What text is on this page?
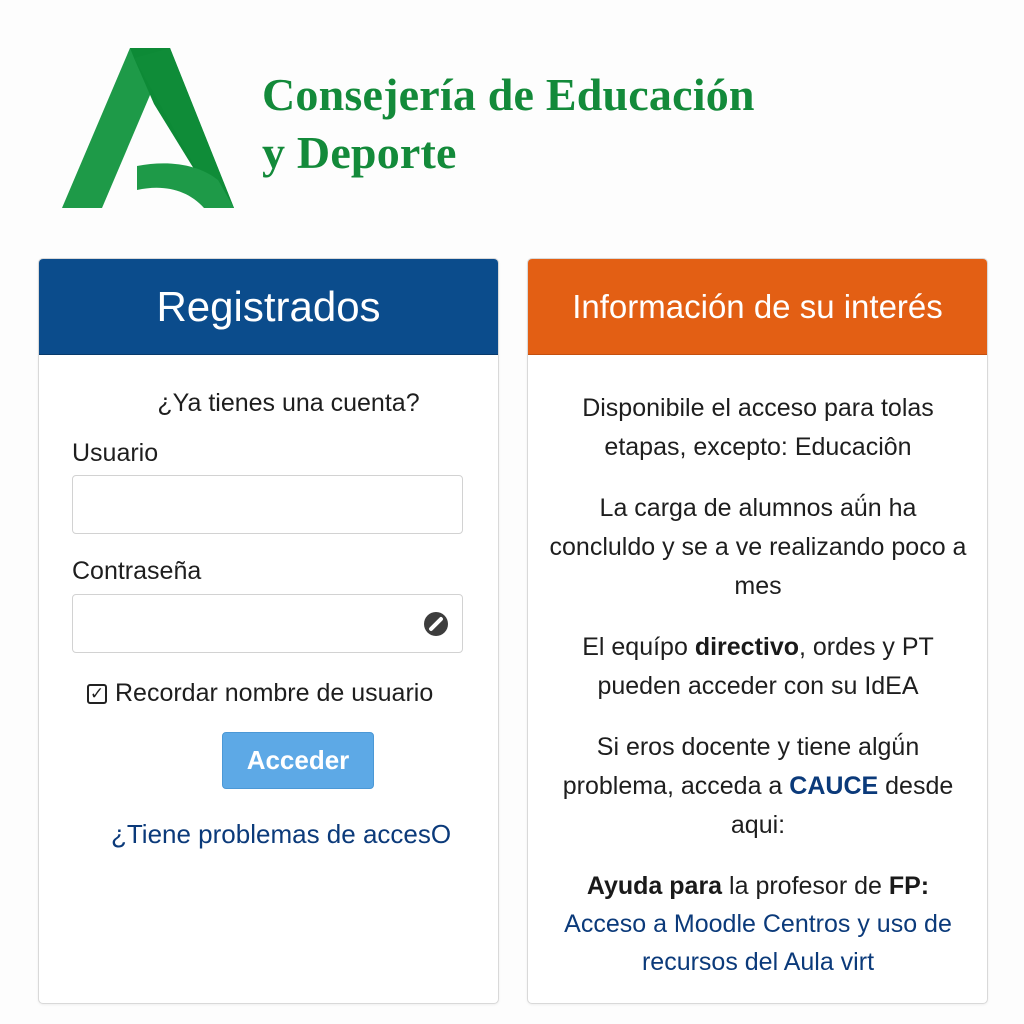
Consejería de Educación
y Deporte
Registrados
¿Ya tienes una cuenta?
Usuario
Contraseña
✓ Recordar nombre de usuario
Acceder
¿Tiene problemas de accesO
Información de su interés

Disponibile el acceso para tolas etapas, excepto: Educaciôn

La carga de alumnos aǘn ha concluldo y se a ve realizando poco a mes

El equípo directivo, ordes y PT pueden acceder con su IdEA

Si eros docente y tiene algǘn problema, acceda a CAUCE desde aqui:

Ayuda para la profesor de FP:
Acceso a Moodle Centros y uso de recursos del Aula virt
